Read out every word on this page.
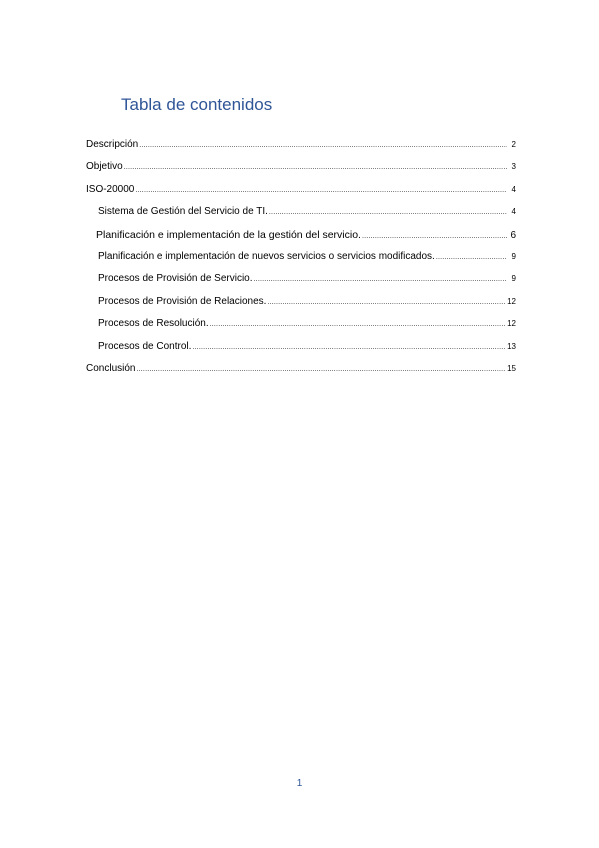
Tabla de contenidos
Descripción .....	2
Objetivo .....	3
ISO-20000 .....	4
Sistema de Gestión del Servicio de TI. .....	4
Planificación e implementación de la gestión del servicio. .....	6
Planificación e implementación de nuevos servicios o servicios modificados. .....	9
Procesos de Provisión de Servicio. .....	9
Procesos de Provisión de Relaciones. .....	12
Procesos de Resolución. .....	12
Procesos de Control. .....	13
Conclusión .....	15
1
